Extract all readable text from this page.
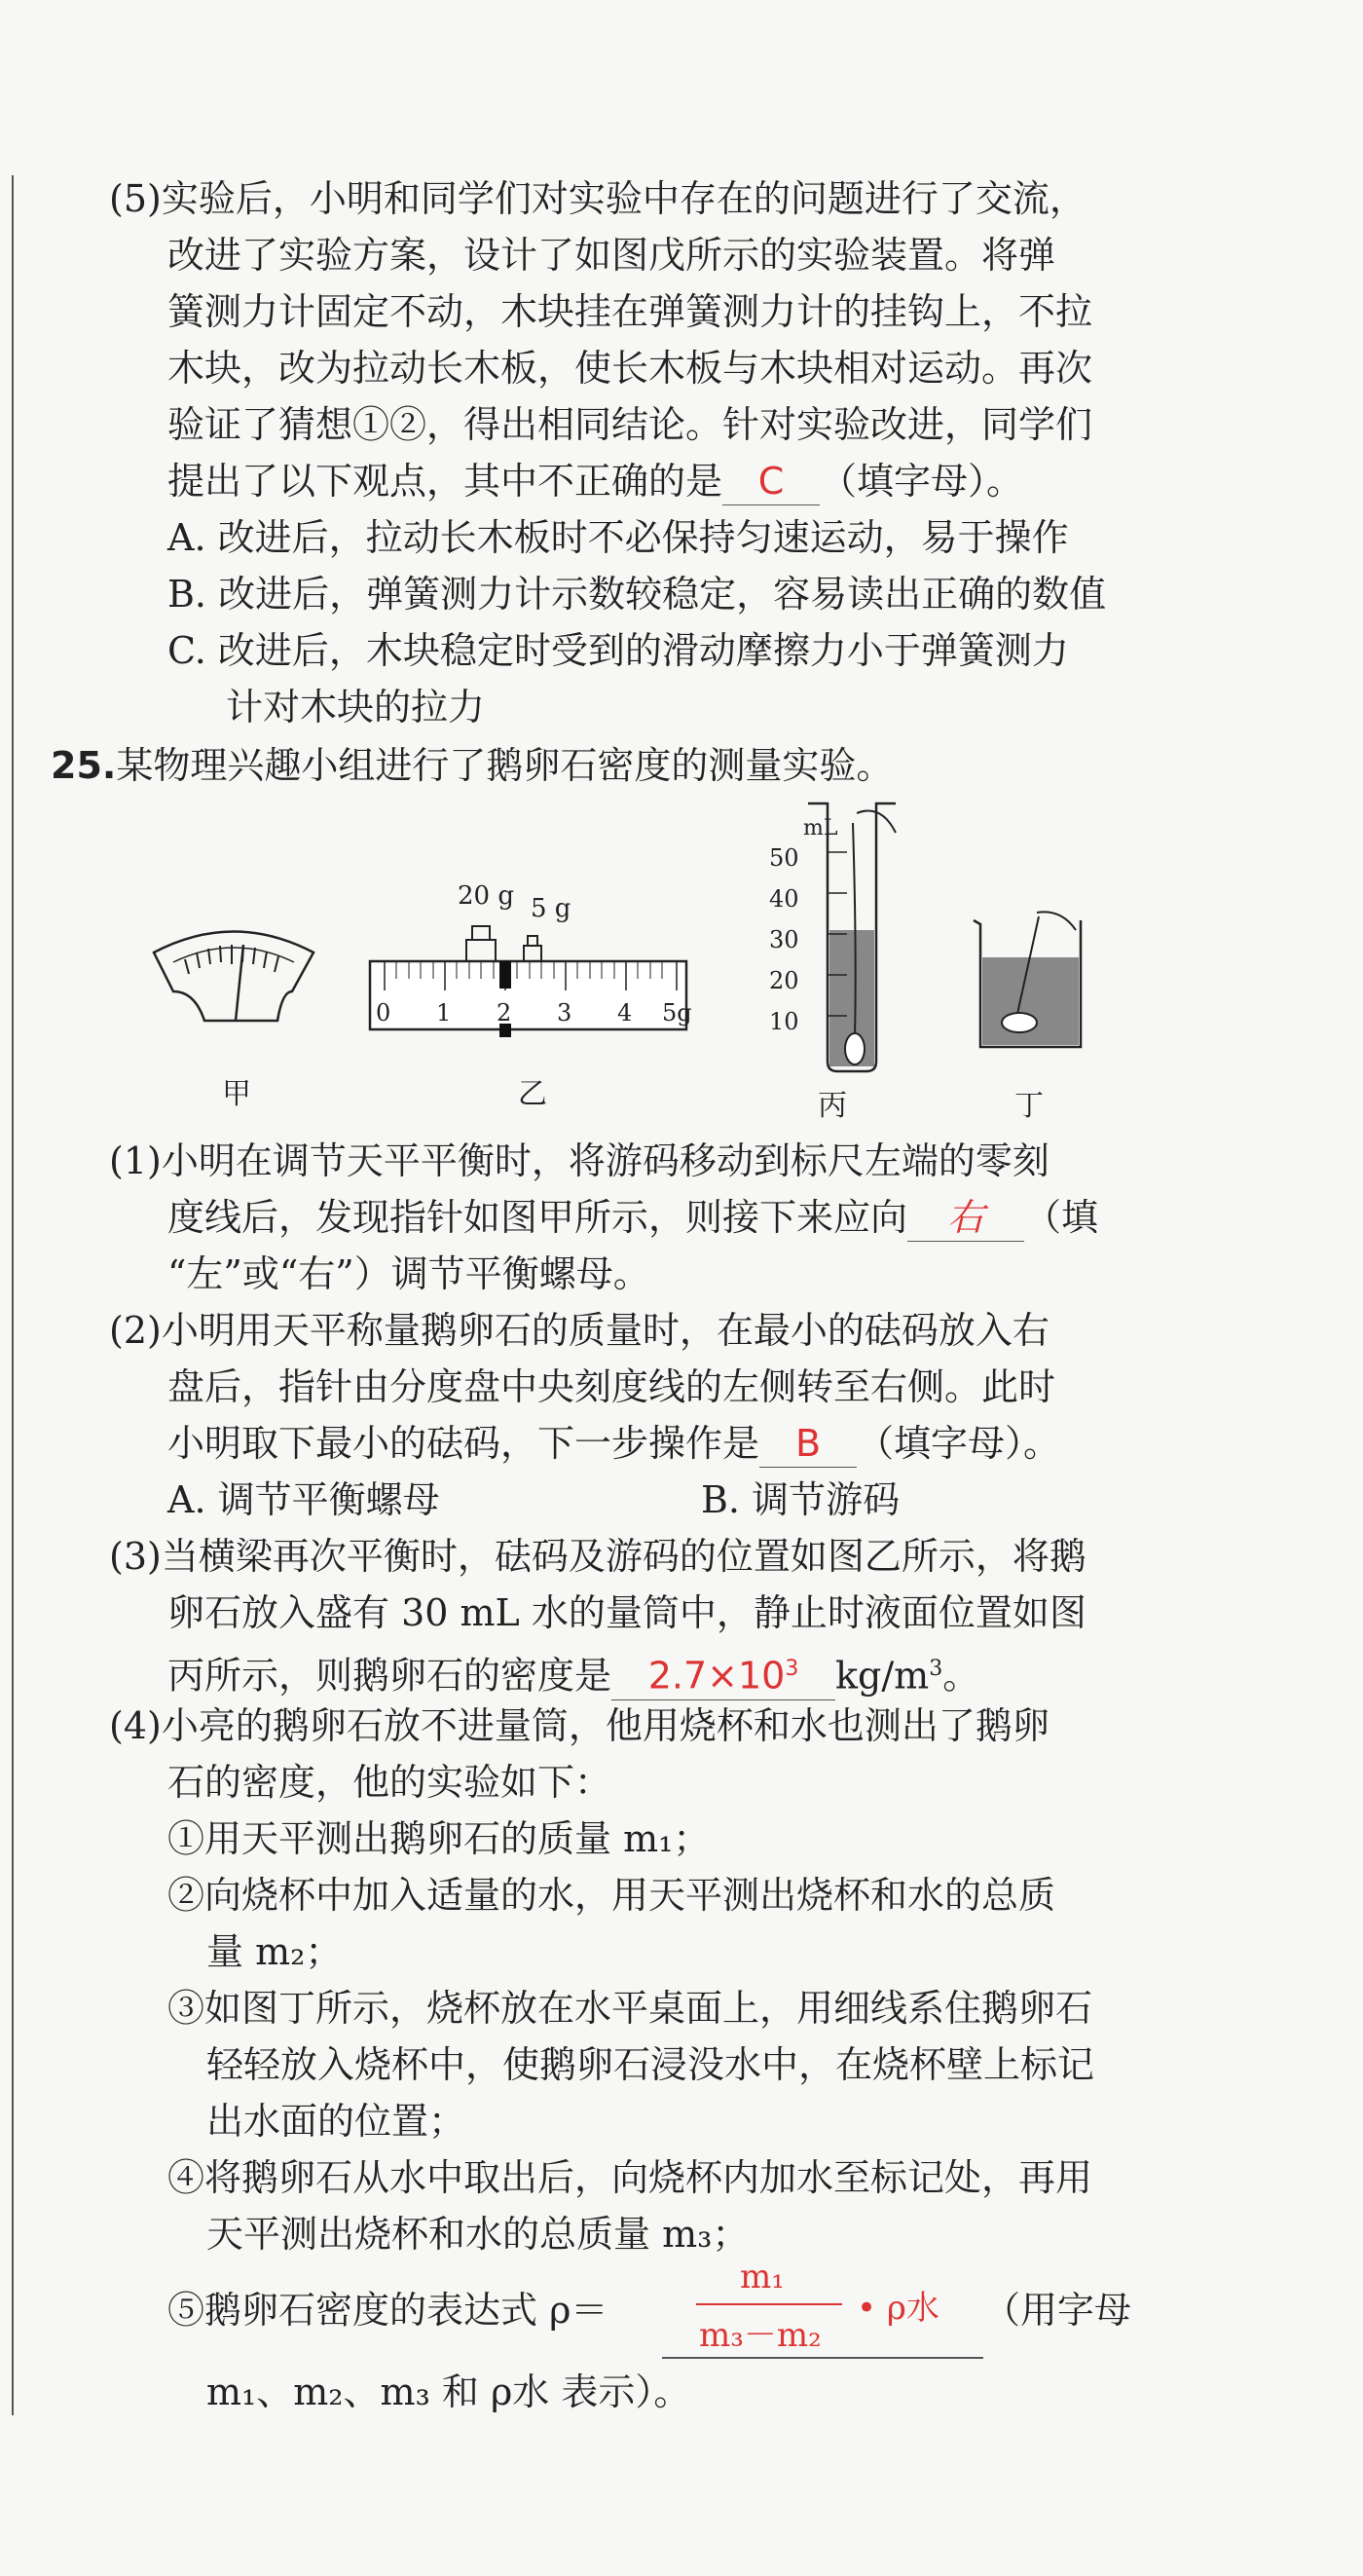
(5)实验后，小明和同学们对实验中存在的问题进行了交流，
改进了实验方案，设计了如图戊所示的实验装置。将弹
簧测力计固定不动，木块挂在弹簧测力计的挂钩上，不拉
木块，改为拉动长木板，使长木板与木块相对运动。再次
验证了猜想①②，得出相同结论。针对实验改进，同学们
提出了以下观点，其中不正确的是 C （填字母）。
A. 改进后，拉动长木板时不必保持匀速运动，易于操作
B. 改进后，弹簧测力计示数较稳定，容易读出正确的数值
C. 改进后，木块稳定时受到的滑动摩擦力小于弹簧测力
计对木块的拉力
25.某物理兴趣小组进行了鹅卵石密度的测量实验。
甲
20 g 5 g
0 1 2 3 4 5g
乙
mL
50
40
30
20
10
丙	丁
(1)小明在调节天平平衡时，将游码移动到标尺左端的零刻
度线后，发现指针如图甲所示，则接下来应向 右 （填
“左”或“右”）调节平衡螺母。
(2)小明用天平称量鹅卵石的质量时，在最小的砝码放入右
盘后，指针由分度盘中央刻度线的左侧转至右侧。此时
小明取下最小的砝码，下一步操作是 B （填字母）。
A. 调节平衡螺母	B. 调节游码
(3)当横梁再次平衡时，砝码及游码的位置如图乙所示，将鹅
卵石放入盛有 30 mL 水的量筒中，静止时液面位置如图
丙所示，则鹅卵石的密度是 $2.7\times 10^3$ $kg/m^3$。
(4)小亮的鹅卵石放不进量筒，他用烧杯和水也测出了鹅卵
石的密度，他的实验如下：
①用天平测出鹅卵石的质量 m₁；
②向烧杯中加入适量的水，用天平测出烧杯和水的总质
量 m₂；
③如图丁所示，烧杯放在水平桌面上，用细线系住鹅卵石
轻轻放入烧杯中，使鹅卵石浸没水中，在烧杯壁上标记
出水面的位置；
④将鹅卵石从水中取出后，向烧杯内加水至标记处，再用
天平测出烧杯和水的总质量 m₃；
⑤鹅卵石密度的表达式 ρ＝
m₁
m₃－m₂
• ρ水 （用字母
m₁、m₂、m₃ 和 ρ水 表示）。
